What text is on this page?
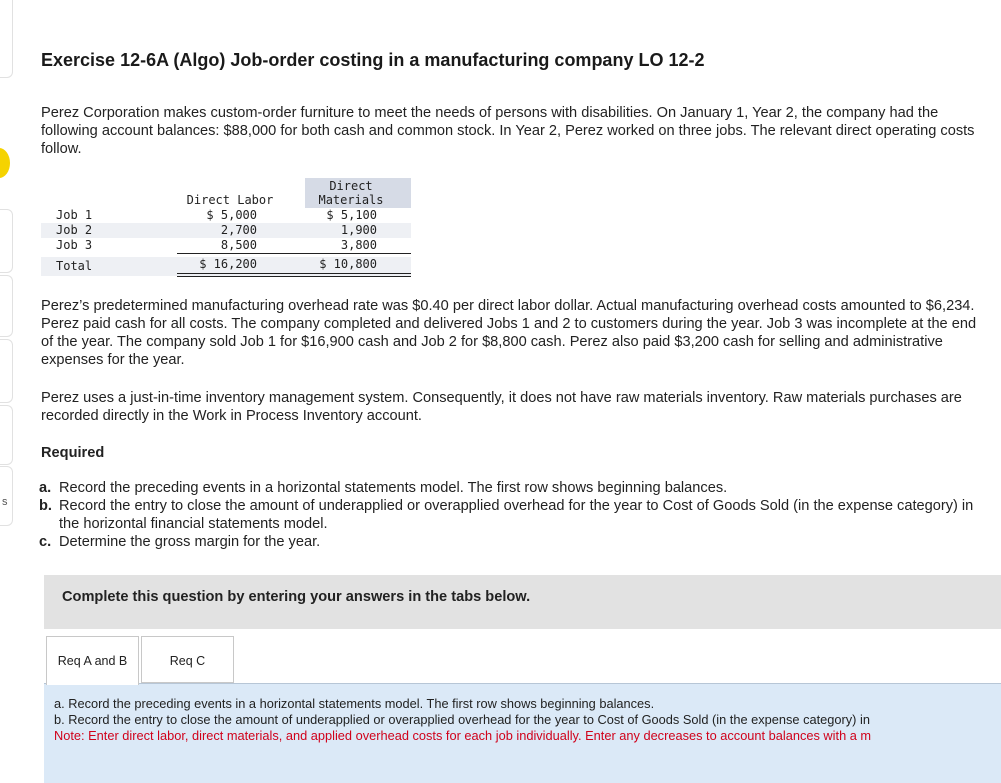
s
Exercise 12-6A (Algo) Job-order costing in a manufacturing company LO 12-2

Perez Corporation makes custom-order furniture to meet the needs of persons with disabilities. On January 1, Year 2, the company had the following account balances: $88,000 for both cash and common stock. In Year 2, Perez worked on three jobs. The relevant direct operating costs follow.

Direct Labor
Direct
Materials
Job 1	$ 5,000	$ 5,100
Job 2	2,700	1,900
Job 3	8,500	3,800
Total	$ 16,200	$ 10,800

Perez’s predetermined manufacturing overhead rate was $0.40 per direct labor dollar. Actual manufacturing overhead costs amounted to $6,234. Perez paid cash for all costs. The company completed and delivered Jobs 1 and 2 to customers during the year. Job 3 was incomplete at the end of the year. The company sold Job 1 for $16,900 cash and Job 2 for $8,800 cash. Perez also paid $3,200 cash for selling and administrative expenses for the year.

Perez uses a just-in-time inventory management system. Consequently, it does not have raw materials inventory. Raw materials purchases are recorded directly in the Work in Process Inventory account.

Required
a. Record the preceding events in a horizontal statements model. The first row shows beginning balances.
b. Record the entry to close the amount of underapplied or overapplied overhead for the year to Cost of Goods Sold (in the expense category) in the horizontal financial statements model.
c. Determine the gross margin for the year.
Complete this question by entering your answers in the tabs below.
Req A and B	Req C
a. Record the preceding events in a horizontal statements model. The first row shows beginning balances.
b. Record the entry to close the amount of underapplied or overapplied overhead for the year to Cost of Goods Sold (in the expense category) in
Note: Enter direct labor, direct materials, and applied overhead costs for each job individually. Enter any decreases to account balances with a m
